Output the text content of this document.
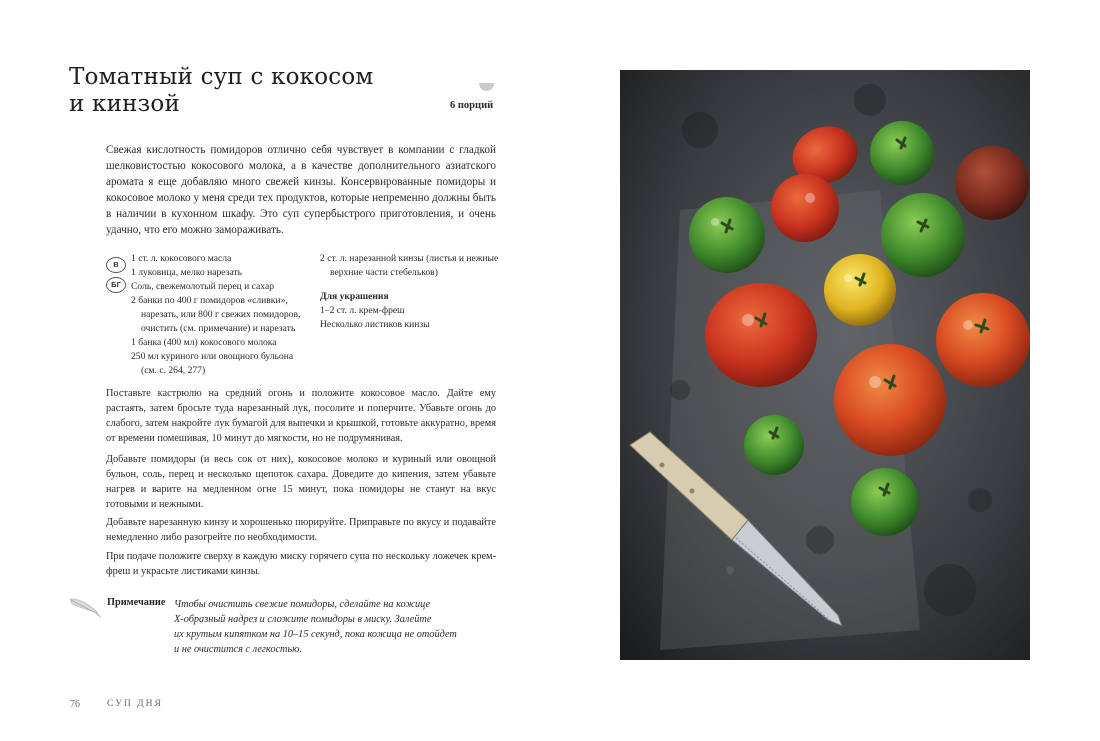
Томатный суп с кокосом
и кинзой	6 порций

Свежая кислотность помидоров отлично себя чувствует в компании с гладкой шелковистостью кокосового молока, а в качестве дополнительного азиатского аромата я еще добавляю много свежей кинзы. Консервированные помидоры и кокосовое молоко у меня среди тех продуктов, которые непременно должны быть в наличии в кухонном шкафу. Это суп супербыстрого приготовления, и очень удачно, что его можно замораживать.

В
БГ
1 ст. л. кокосового масла
1 луковица, мелко нарезать
Соль, свежемолотый перец и сахар
2 банки по 400 г помидоров «сливки», нарезать, или 800 г свежих помидоров, очистить (см. примечание) и нарезать
1 банка (400 мл) кокосового молока
250 мл куриного или овощного бульона (см. с. 264, 277)
2 ст. л. нарезанной кинзы (листья и нежные верхние части стебельков)
Для украшения
1–2 ст. л. крем-фреш
Несколько листиков кинзы

Поставьте кастрюлю на средний огонь и положите кокосовое масло. Дайте ему растаять, затем бросьте туда нарезанный лук, посолите и поперчите. Убавьте огонь до слабого, затем накройте лук бумагой для выпечки и крышкой, готовьте аккуратно, время от времени помешивая, 10 минут до мягкости, но не подрумянивая.

Добавьте помидоры (и весь сок от них), кокосовое молоко и куриный или овощной бульон, соль, перец и несколько щепоток сахара. Доведите до кипения, затем убавьте нагрев и варите на медленном огне 15 минут, пока помидоры не станут на вкус готовыми и нежными.

Добавьте нарезанную кинзу и хорошенько пюрируйте. Приправьте по вкусу и подавайте немедленно либо разогрейте по необходимости.

При подаче положите сверху в каждую миску горячего супа по нескольку ложечек крем-фреш и украсьте листиками кинзы.

Примечание Чтобы очистить свежие помидоры, сделайте на кожице
Х-образный надрез и сложите помидоры в миску. Залейте
их крутым кипятком на 10–15 секунд, пока кожица не отойдет
и не очистится с легкостью.
76	СУП ДНЯ
